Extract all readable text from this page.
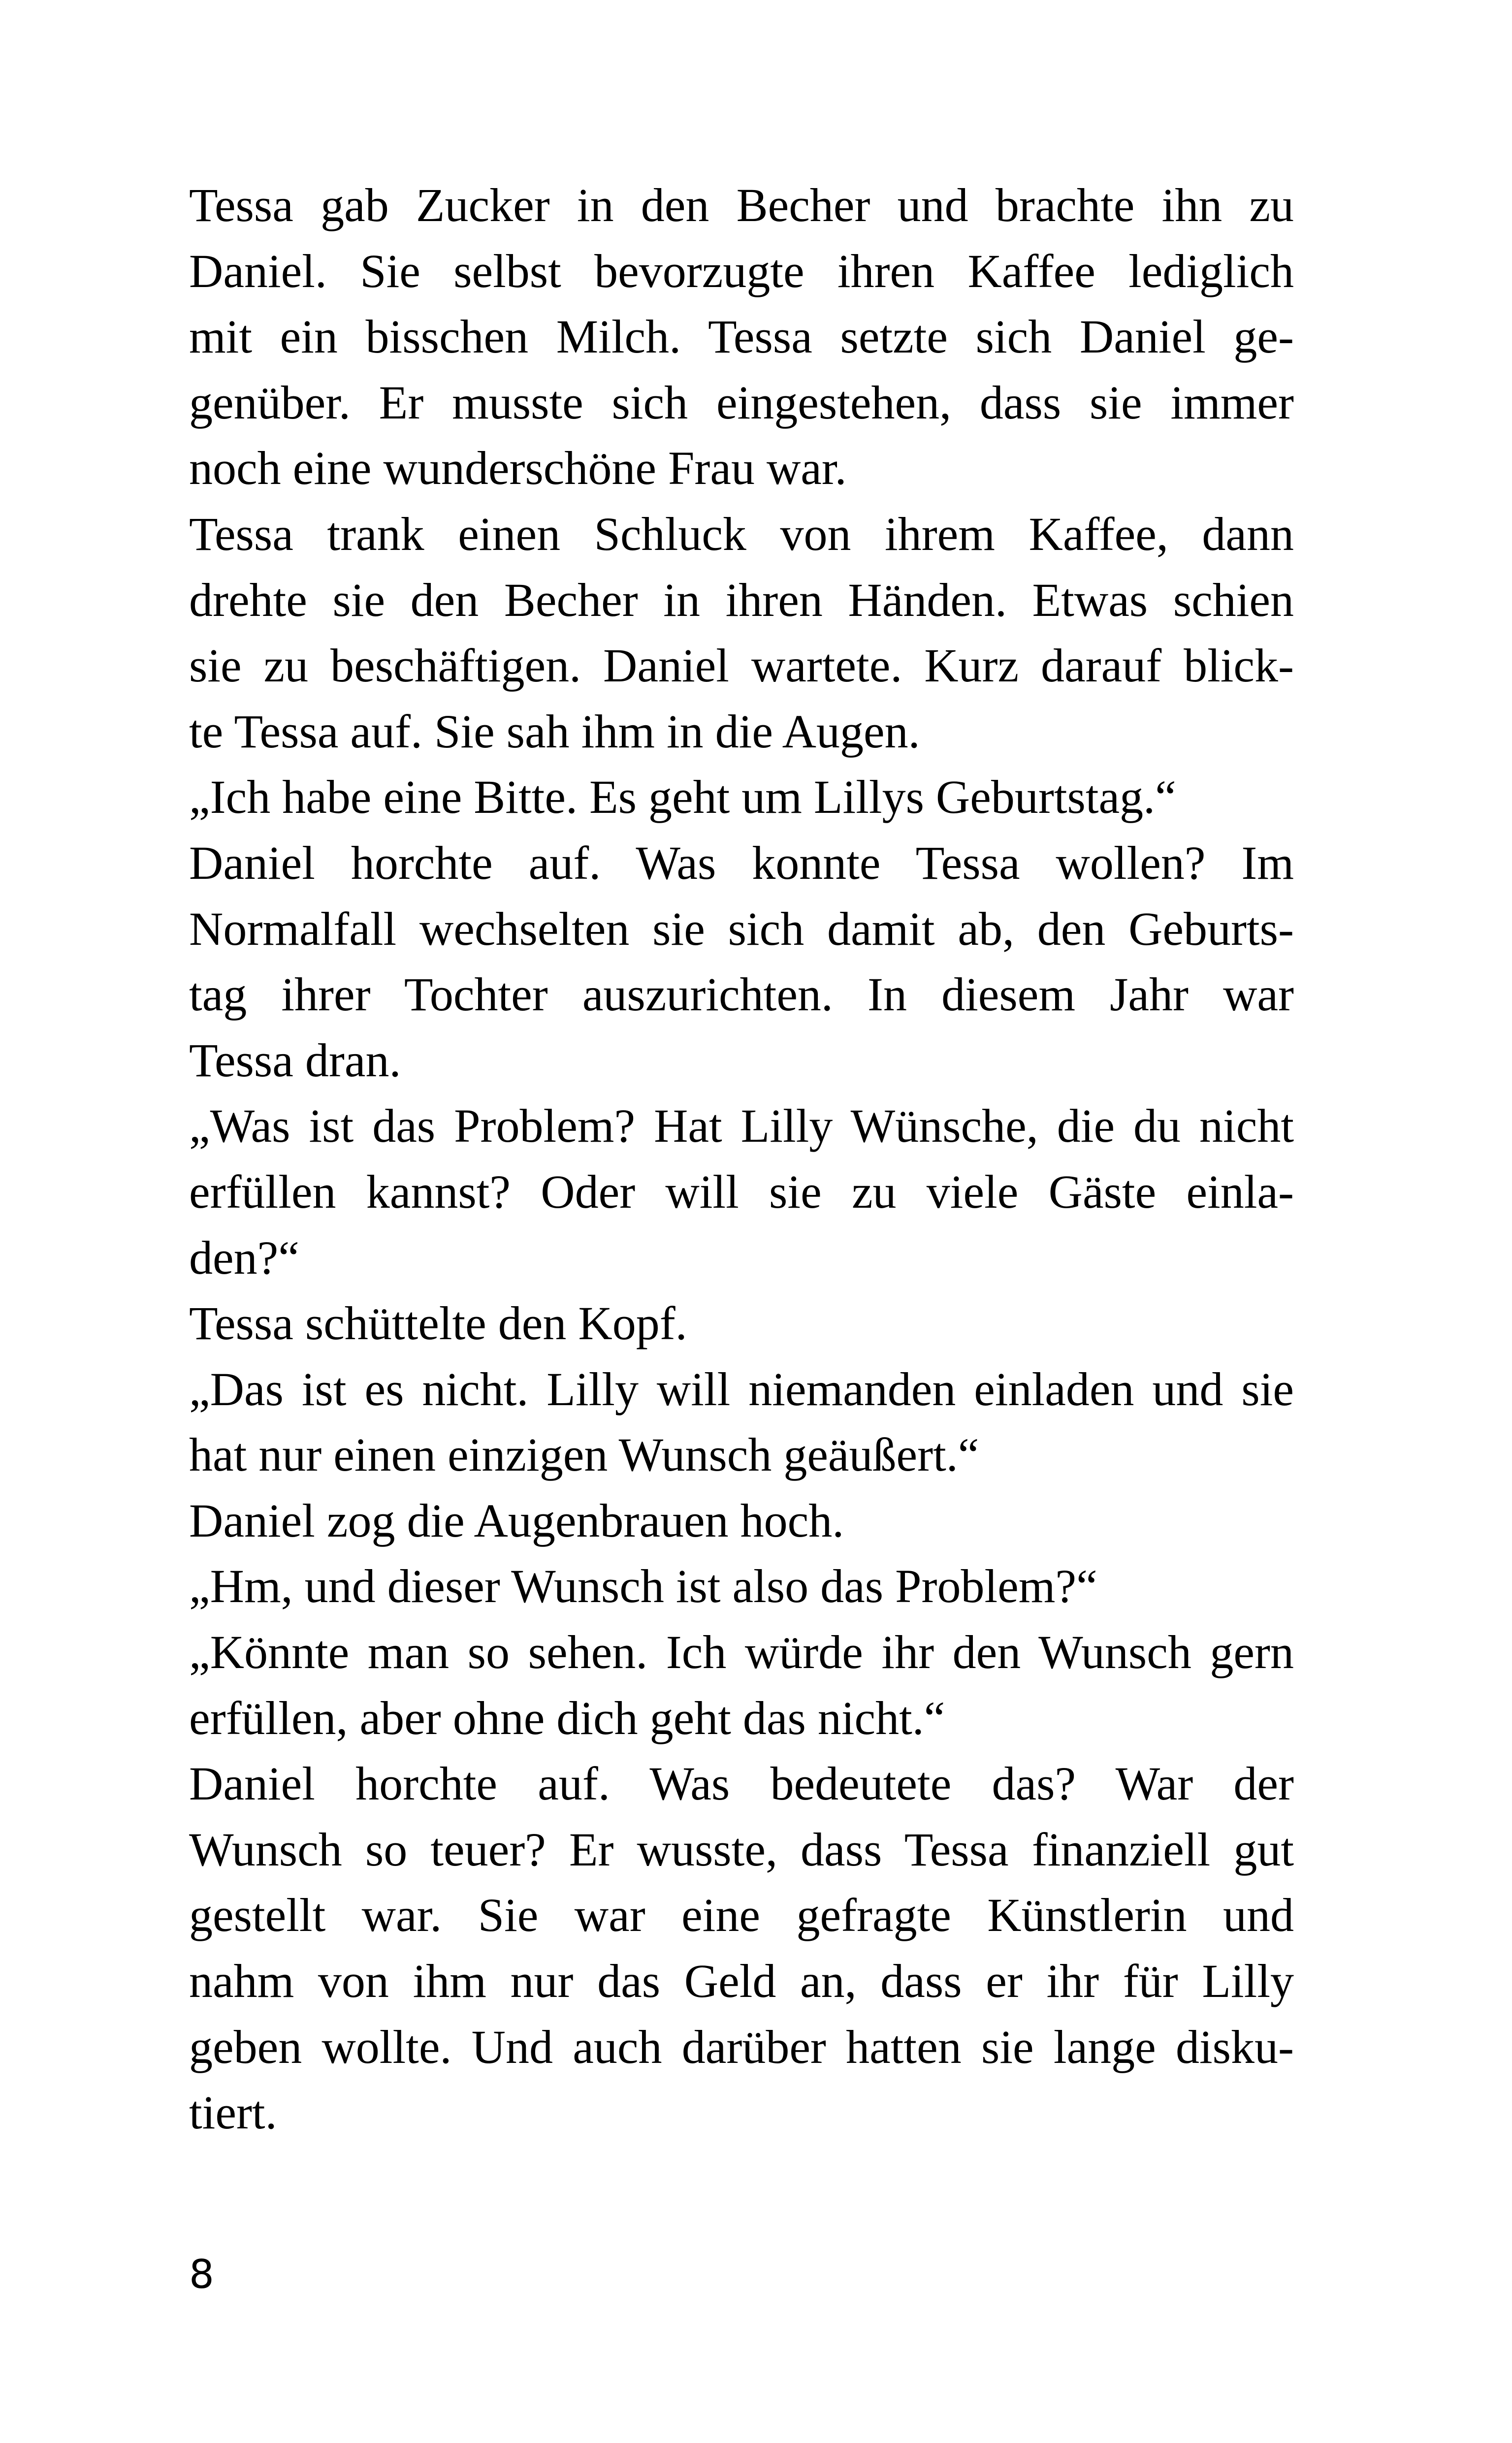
Tessa gab Zucker in den Becher und brachte ihn zu
Daniel. Sie selbst bevorzugte ihren Kaffee lediglich
mit ein bisschen Milch. Tessa setzte sich Daniel ge-
genüber. Er musste sich eingestehen, dass sie immer
noch eine wunderschöne Frau war.
Tessa trank einen Schluck von ihrem Kaffee, dann
drehte sie den Becher in ihren Händen. Etwas schien
sie zu beschäftigen. Daniel wartete. Kurz darauf blick-
te Tessa auf. Sie sah ihm in die Augen.
„Ich habe eine Bitte. Es geht um Lillys Geburtstag.“
Daniel horchte auf. Was konnte Tessa wollen? Im
Normalfall wechselten sie sich damit ab, den Geburts-
tag ihrer Tochter auszurichten. In diesem Jahr war
Tessa dran.
„Was ist das Problem? Hat Lilly Wünsche, die du nicht
erfüllen kannst? Oder will sie zu viele Gäste einla-
den?“
Tessa schüttelte den Kopf.
„Das ist es nicht. Lilly will niemanden einladen und sie
hat nur einen einzigen Wunsch geäußert.“
Daniel zog die Augenbrauen hoch.
„Hm, und dieser Wunsch ist also das Problem?“
„Könnte man so sehen. Ich würde ihr den Wunsch gern
erfüllen, aber ohne dich geht das nicht.“
Daniel horchte auf. Was bedeutete das? War der
Wunsch so teuer? Er wusste, dass Tessa finanziell gut
gestellt war. Sie war eine gefragte Künstlerin und
nahm von ihm nur das Geld an, dass er ihr für Lilly
geben wollte. Und auch darüber hatten sie lange disku-
tiert.
8
